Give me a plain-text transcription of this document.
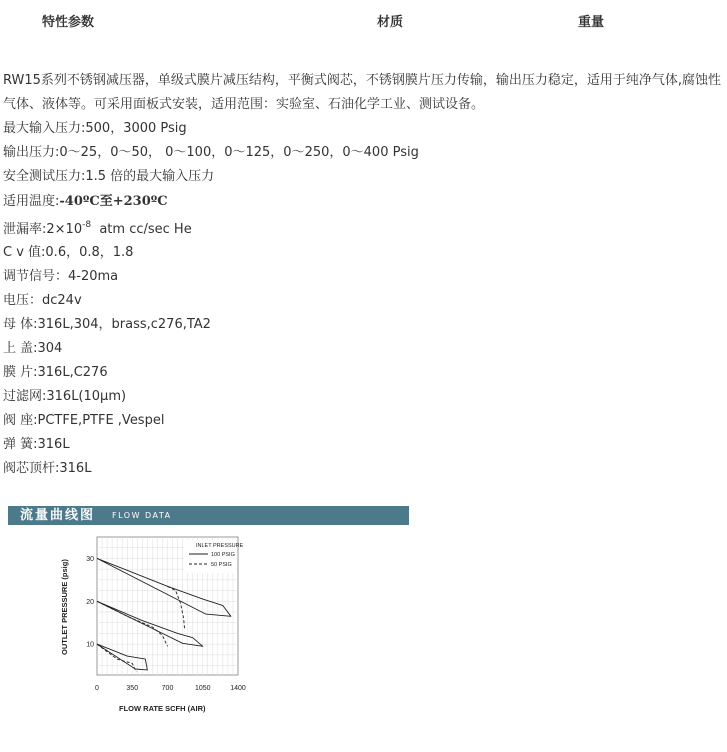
特性参数	材质	重量
RW15系列不锈钢减压器，单级式膜片减压结构，平衡式阀芯，不锈钢膜片压力传输，输出压力稳定，适用于纯净气体,腐蚀性气体、液体等。可采用面板式安装，适用范围：实验室、石油化学工业、测试设备。
最大输入压力:500，3000 Psig
输出压力:0～25，0～50， 0～100，0～125，0～250，0～400 Psig
安全测试压力:1.5 倍的最大输入压力
适用温度:-40ºC至+230ºC
泄漏率$:2\times 10^{-8}$  atm cc/sec He
C v 值:0.6，0.8，1.8
调节信号：4-20ma
电压：dc24v
母 体:316L,304，brass,c276,TA2
上 盖:304
膜 片:316L,C276
过滤网:316L(10μm)
阀 座:PCTFE,PTFE ,Vespel
弹 簧:316L
阀芯顶杆:316L
流量曲线图 FLOW DATA
0	350	700	1050	1400
10
20
30
INLET PRESSURE
100 PSIG
50 PSIG
FLOW RATE SCFH (AIR)
OUTLET PRESSURE (psig)
